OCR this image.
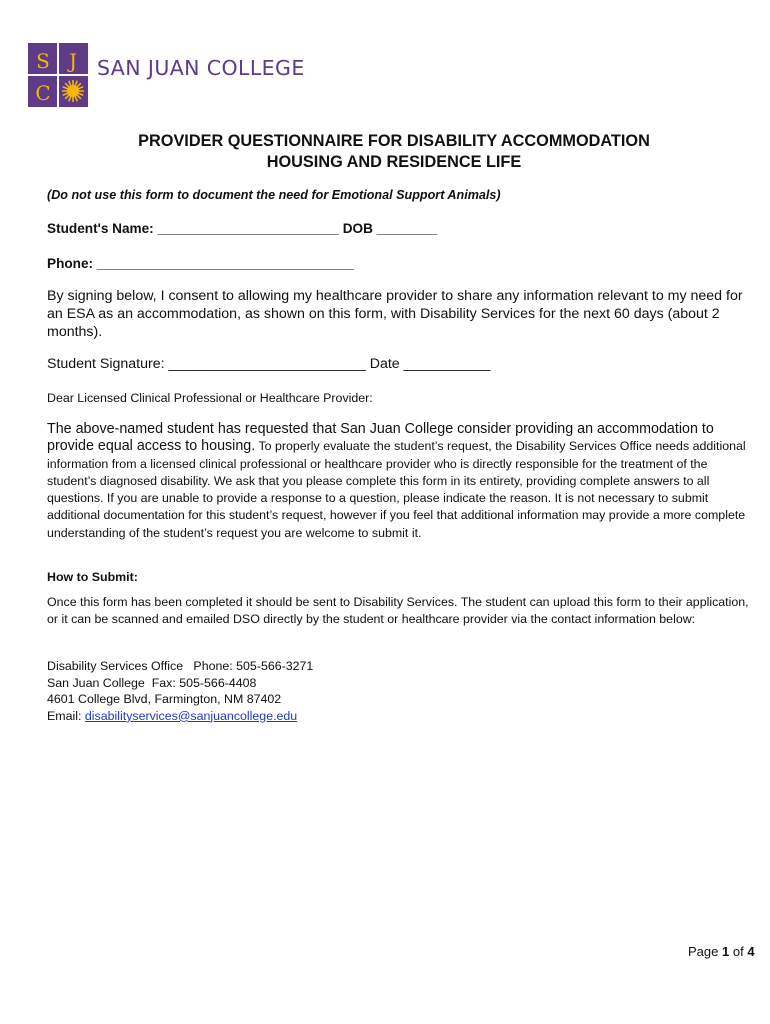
S J
C
SAN JUAN COLLEGE
PROVIDER QUESTIONNAIRE FOR DISABILITY ACCOMMODATION
HOUSING AND RESIDENCE LIFE
(Do not use this form to document the need for Emotional Support Animals)
Student's Name: ________________________ DOB ________
Phone: __________________________________
By signing below, I consent to allowing my healthcare provider to share any information relevant to my need for an ESA as an accommodation, as shown on this form, with Disability Services for the next 60 days (about 2 months).
Student Signature: _________________________ Date ___________
Dear Licensed Clinical Professional or Healthcare Provider:
The above-named student has requested that San Juan College consider providing an accommodation to provide equal access to housing. To properly evaluate the student’s request, the Disability Services Office needs additional information from a licensed clinical professional or healthcare provider who is directly responsible for the treatment of the student’s diagnosed disability. We ask that you please complete this form in its entirety, providing complete answers to all questions. If you are unable to provide a response to a question, please indicate the reason. It is not necessary to submit additional documentation for this student’s request, however if you feel that additional information may provide a more complete understanding of the student’s request you are welcome to submit it.
How to Submit:
Once this form has been completed it should be sent to Disability Services. The student can upload this form to their application, or it can be scanned and emailed DSO directly by the student or healthcare provider via the contact information below:
Disability Services Office   Phone: 505-566-3271
San Juan College  Fax: 505-566-4408
4601 College Blvd, Farmington, NM 87402
Email: disabilityservices@sanjuancollege.edu
Page 1 of 4
